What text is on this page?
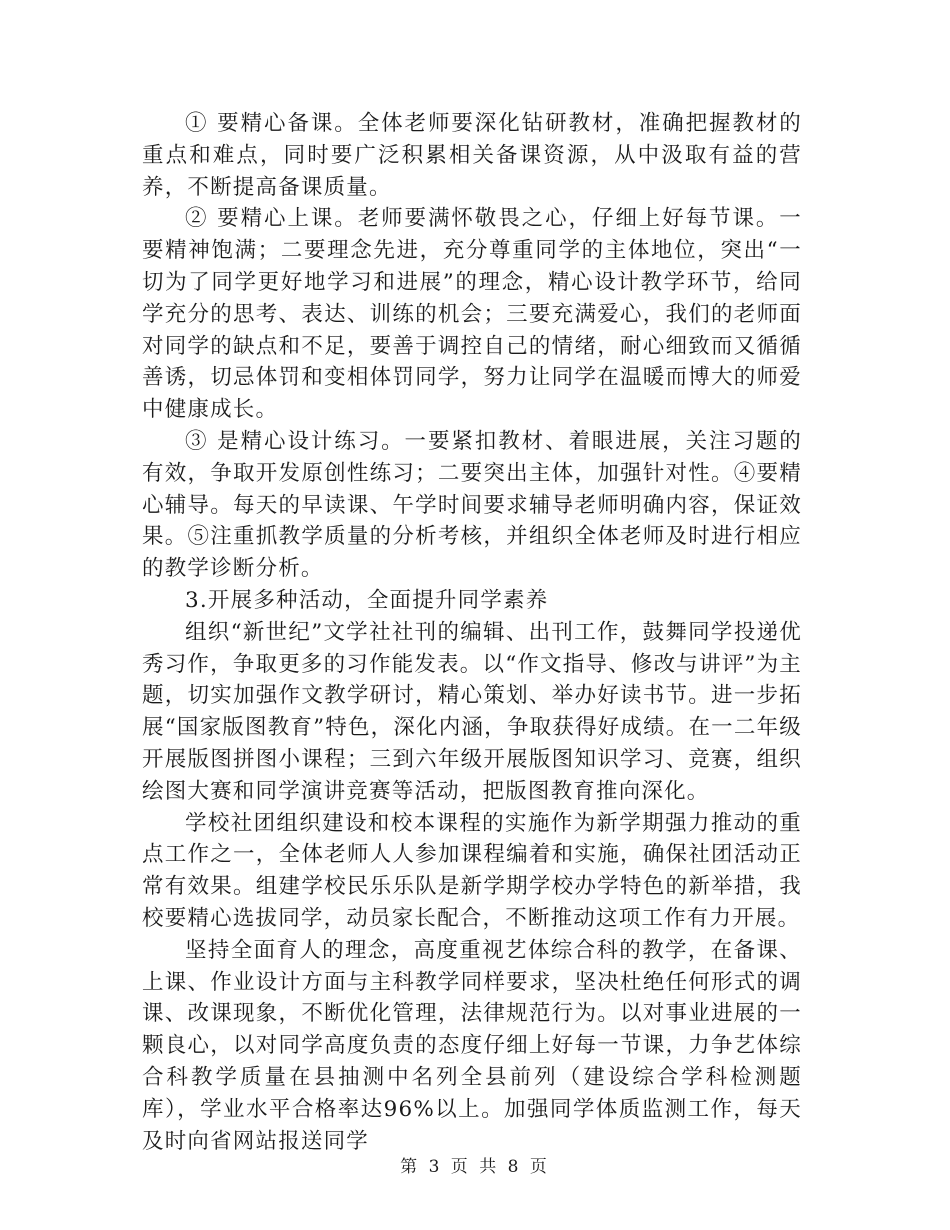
① 要精心备课。全体老师要深化钻研教材，准确把握教材的重点和难点，同时要广泛积累相关备课资源，从中汲取有益的营养，不断提高备课质量。

② 要精心上课。老师要满怀敬畏之心，仔细上好每节课。一要精神饱满；二要理念先进，充分尊重同学的主体地位，突出“一切为了同学更好地学习和进展”的理念，精心设计教学环节，给同学充分的思考、表达、训练的机会；三要充满爱心，我们的老师面对同学的缺点和不足，要善于调控自己的情绪，耐心细致而又循循善诱，切忌体罚和变相体罚同学，努力让同学在温暖而博大的师爱中健康成长。

③ 是精心设计练习。一要紧扣教材、着眼进展，关注习题的有效，争取开发原创性练习；二要突出主体，加强针对性。④要精心辅导。每天的早读课、午学时间要求辅导老师明确内容，保证效果。⑤注重抓教学质量的分析考核，并组织全体老师及时进行相应的教学诊断分析。

3.开展多种活动，全面提升同学素养

组织“新世纪”文学社社刊的编辑、出刊工作，鼓舞同学投递优秀习作，争取更多的习作能发表。以“作文指导、修改与讲评”为主题，切实加强作文教学研讨，精心策划、举办好读书节。进一步拓展“国家版图教育”特色，深化内涵，争取获得好成绩。在一二年级开展版图拼图小课程；三到六年级开展版图知识学习、竞赛，组织绘图大赛和同学演讲竞赛等活动，把版图教育推向深化。

学校社团组织建设和校本课程的实施作为新学期强力推动的重点工作之一，全体老师人人参加课程编着和实施，确保社团活动正常有效果。组建学校民乐乐队是新学期学校办学特色的新举措，我校要精心选拔同学，动员家长配合，不断推动这项工作有力开展。

坚持全面育人的理念，高度重视艺体综合科的教学，在备课、上课、作业设计方面与主科教学同样要求，坚决杜绝任何形式的调课、改课现象，不断优化管理，法律规范行为。以对事业进展的一颗良心，以对同学高度负责的态度仔细上好每一节课，力争艺体综合科教学质量在县抽测中名列全县前列（建设综合学科检测题库），学业水平合格率达96%以上。加强同学体质监测工作，每天及时向省网站报送同学

第 3 页 共 8 页
